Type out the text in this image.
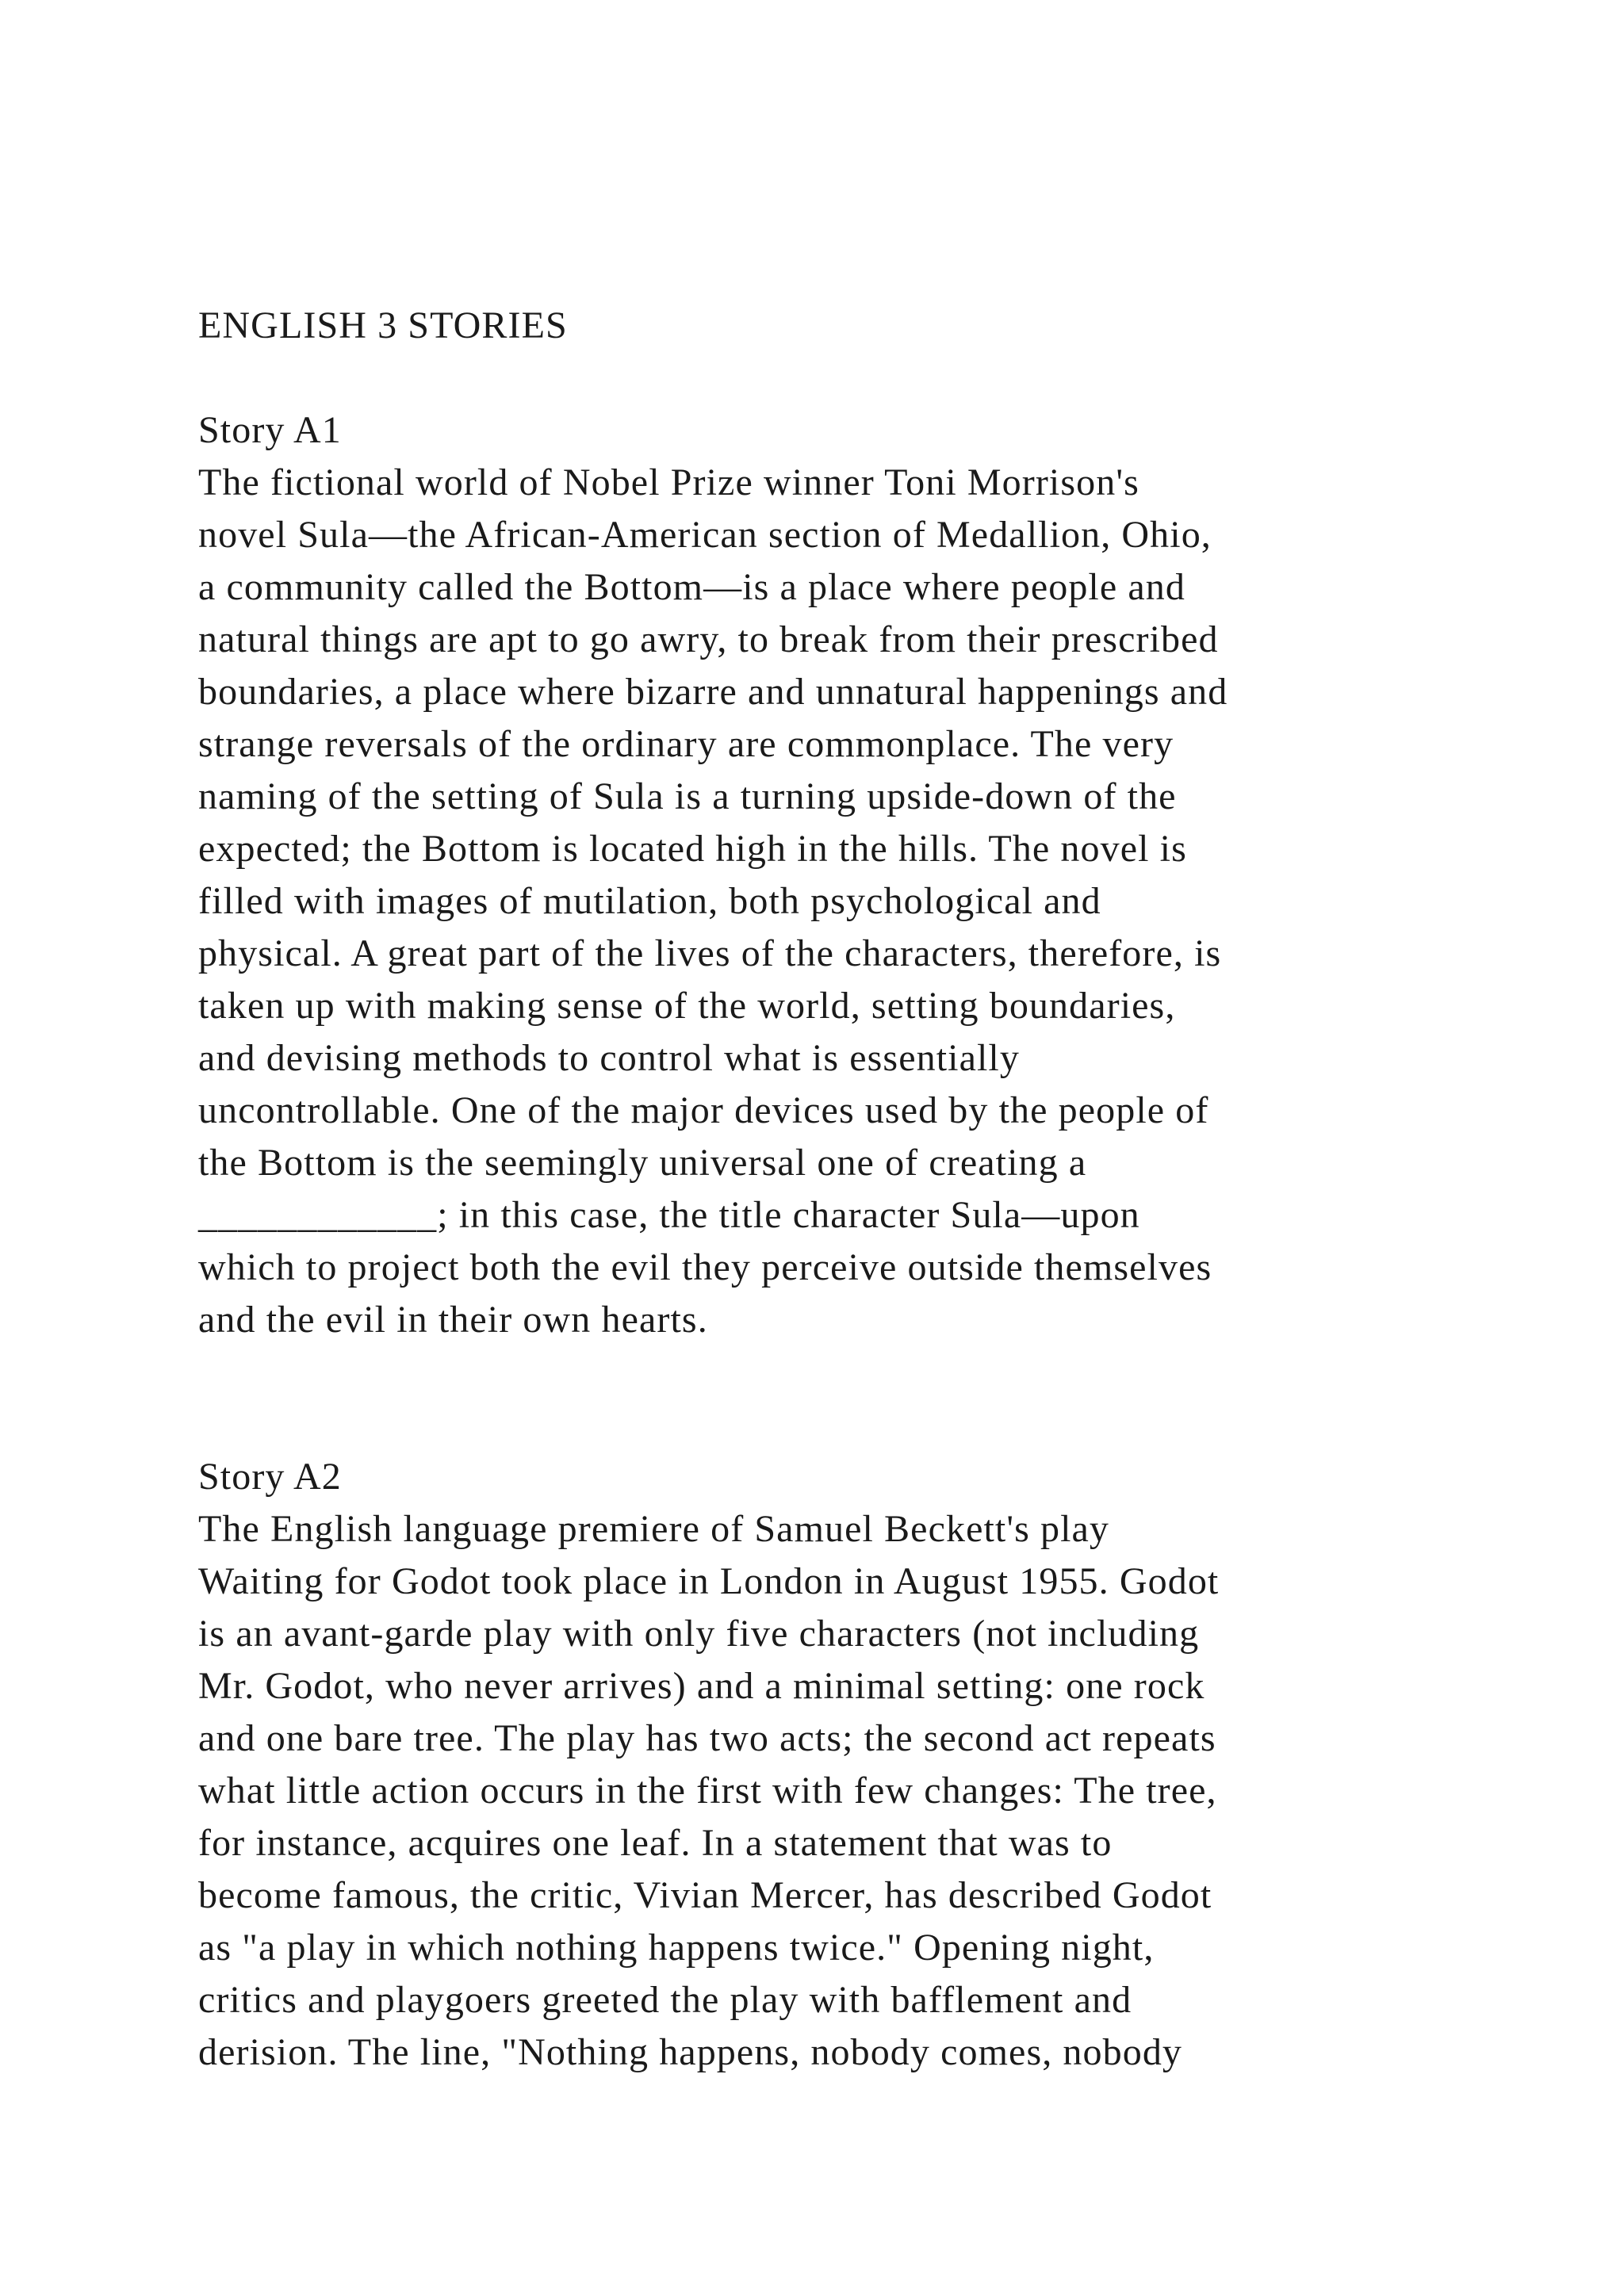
ENGLISH 3 STORIES
Story A1
The fictional world of Nobel Prize winner Toni Morrison's
novel Sula—the African-American section of Medallion, Ohio,
a community called the Bottom—is a place where people and
natural things are apt to go awry, to break from their prescribed
boundaries, a place where bizarre and unnatural happenings and
strange reversals of the ordinary are commonplace. The very
naming of the setting of Sula is a turning upside-down of the
expected; the Bottom is located high in the hills. The novel is
filled with images of mutilation, both psychological and
physical. A great part of the lives of the characters, therefore, is
taken up with making sense of the world, setting boundaries,
and devising methods to control what is essentially
uncontrollable. One of the major devices used by the people of
the Bottom is the seemingly universal one of creating a
____________; in this case, the title character Sula—upon
which to project both the evil they perceive outside themselves
and the evil in their own hearts.
Story A2
The English language premiere of Samuel Beckett's play
Waiting for Godot took place in London in August 1955. Godot
is an avant-garde play with only five characters (not including
Mr. Godot, who never arrives) and a minimal setting: one rock
and one bare tree. The play has two acts; the second act repeats
what little action occurs in the first with few changes: The tree,
for instance, acquires one leaf. In a statement that was to
become famous, the critic, Vivian Mercer, has described Godot
as "a play in which nothing happens twice." Opening night,
critics and playgoers greeted the play with bafflement and
derision. The line, "Nothing happens, nobody comes, nobody
